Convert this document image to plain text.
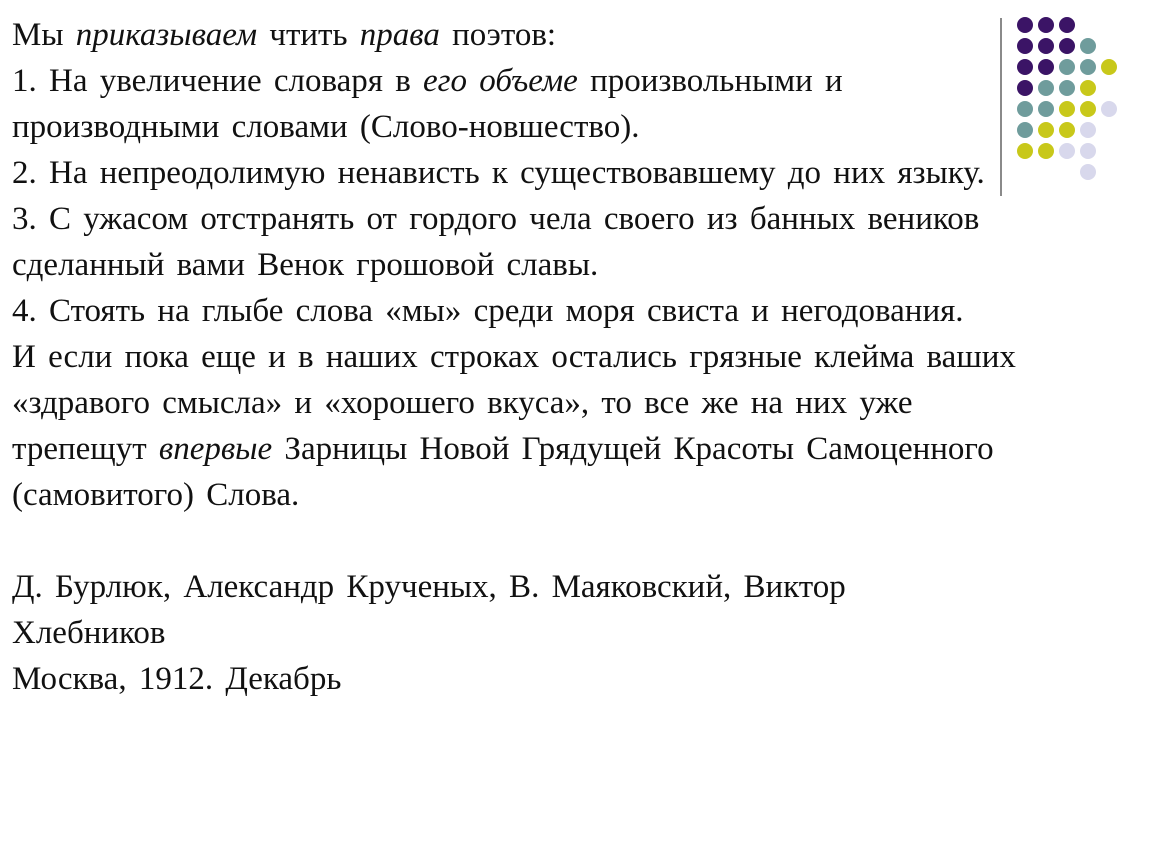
Мы приказываем чтить права поэтов:
1. На увеличение словаря в его объеме произвольными и
производными словами (Слово-новшество).
2. На непреодолимую ненависть к существовавшему до них языку.
3. С ужасом отстранять от гордого чела своего из банных веников
сделанный вами Венок грошовой славы.
4. Стоять на глыбе слова «мы» среди моря свиста и негодования.
И если пока еще и в наших строках остались грязные клейма ваших
«здравого смысла» и «хорошего вкуса», то все же на них уже
трепещут впервые Зарницы Новой Грядущей Красоты Самоценного
(самовитого) Слова.
Д. Бурлюк, Александр Крученых, В. Маяковский, Виктор
Хлебников
Москва, 1912. Декабрь
